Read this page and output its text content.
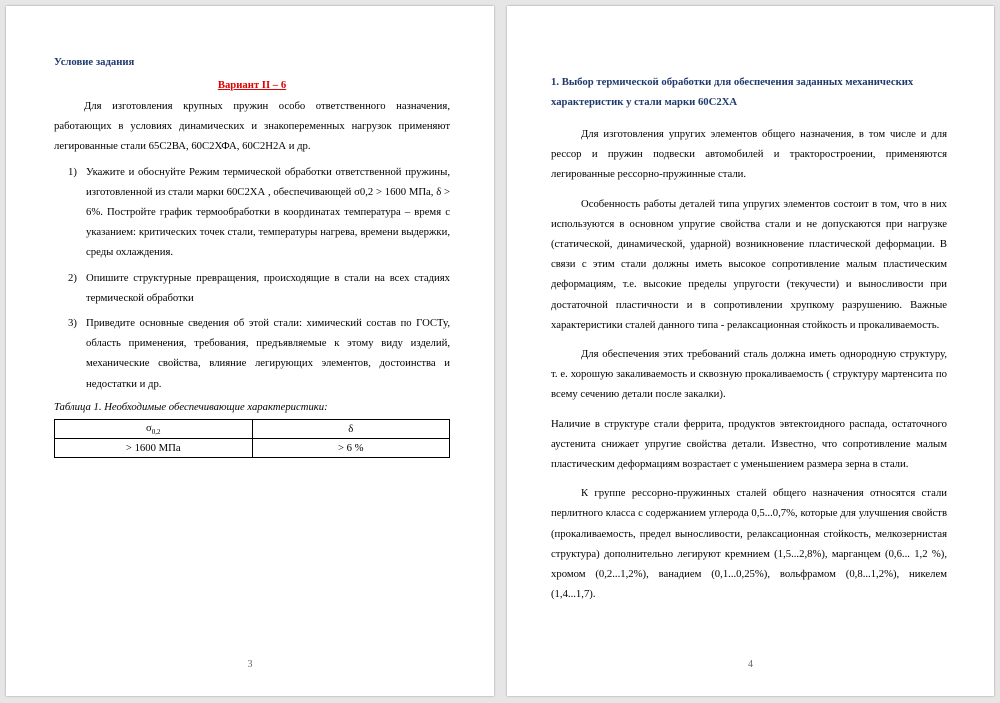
Условие задания
Вариант II – 6

Для изготовления крупных пружин особо ответственного назначения, работающих в условиях динамических и знакопеременных нагрузок применяют легированные стали 65С2ВА, 60С2ХФА, 60С2Н2А и др.

1) Укажите и обоснуйте Режим термической обработки ответственной пружины, изготовленной из стали марки 60С2ХА , обеспечивающей σ0,2 > 1600 МПа, δ > 6%. Постройте график термообработки в координатах температура – время с указанием: критических точек стали, температуры нагрева, времени выдержки, среды охлаждения.
2) Опишите структурные превращения, происходящие в стали на всех стадиях термической обработки
3) Приведите основные сведения об этой стали: химический состав по ГОСТу, область применения, требования, предъявляемые к этому виду изделий, механические свойства, влияние легирующих элементов, достоинства и недостатки и др.
Таблица 1. Необходимые обеспечивающие характеристики:
$\sigma_{0,2}$	δ
> 1600 МПа	> 6 %
3
1. Выбор термической обработки для обеспечения заданных механических характеристик у стали марки 60С2ХА

Для изготовления упругих элементов общего назначения, в том числе и для рессор и пружин подвески автомобилей и тракторостроении, применяются легированные рессорно-пружинные стали.

Особенность работы деталей типа упругих элементов состоит в том, что в них используются в основном упругие свойства стали и не допускаются при нагрузке (статической, динамической, ударной) возникновение пластической деформации. В связи с этим стали должны иметь высокое сопротивление малым пластическим деформациям, т.е. высокие пределы упругости (текучести) и выносливости при достаточной пластичности и в сопротивлении хрупкому разрушению. Важные характеристики сталей данного типа - релаксационная стойкость и прокаливаемость.

Для обеспечения этих требований сталь должна иметь однородную структуру, т. е. хорошую закаливаемость и сквозную прокаливаемость ( структуру мартенсита по всему сечению детали после закалки).

Наличие в структуре стали феррита, продуктов эвтектоидного распада, остаточного аустенита снижает упругие свойства детали. Известно, что сопротивление малым пластическим деформациям возрастает с уменьшением размера зерна в стали.

К группе рессорно-пружинных сталей общего назначения относятся стали перлитного класса с содержанием углерода 0,5...0,7%, которые для улучшения свойств (прокаливаемость, предел выносливости, релаксационная стойкость, мелкозернистая структура) дополнительно легируют кремнием (1,5...2,8%), марганцем (0,6... 1,2 %), хромом (0,2...1,2%), ванадием (0,1...0,25%), вольфрамом (0,8...1,2%), никелем (1,4...1,7).

4
